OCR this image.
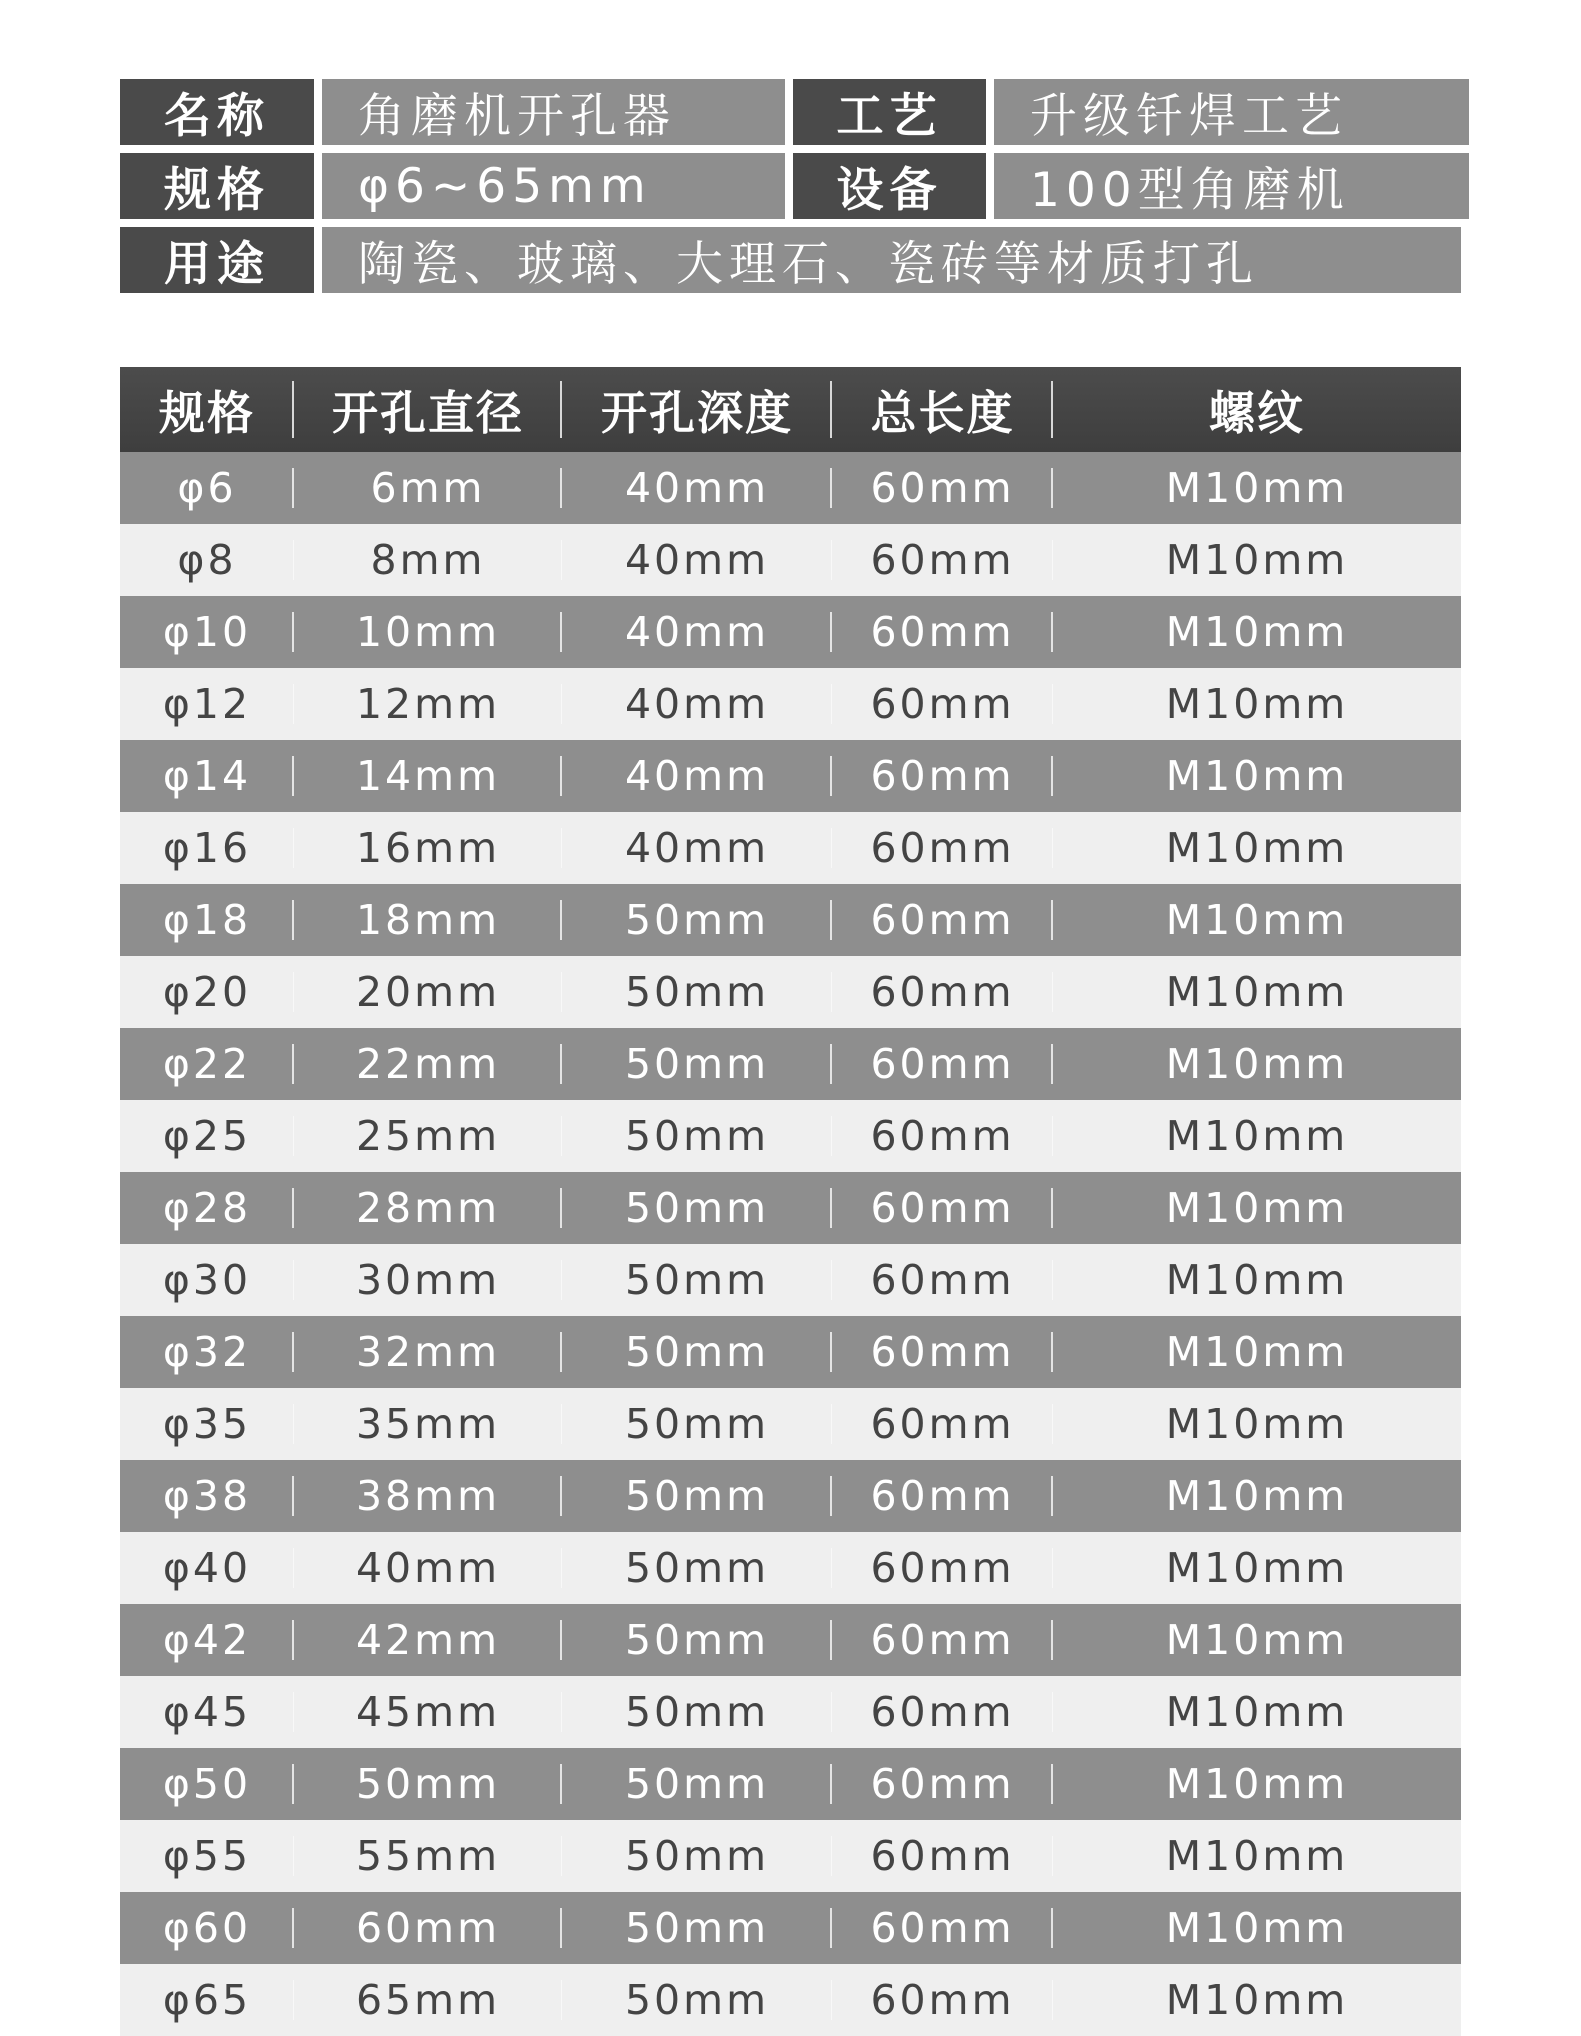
名称	角磨机开孔器	工艺	升级钎焊工艺
规格	φ6~65mm	设备	100型角磨机
用途	陶瓷、玻璃、大理石、瓷砖等材质打孔
规格	开孔直径	开孔深度	总长度	螺纹
φ6	6mm	40mm	60mm	M10mm
φ8	8mm	40mm	60mm	M10mm
φ10	10mm	40mm	60mm	M10mm
φ12	12mm	40mm	60mm	M10mm
φ14	14mm	40mm	60mm	M10mm
φ16	16mm	40mm	60mm	M10mm
φ18	18mm	50mm	60mm	M10mm
φ20	20mm	50mm	60mm	M10mm
φ22	22mm	50mm	60mm	M10mm
φ25	25mm	50mm	60mm	M10mm
φ28	28mm	50mm	60mm	M10mm
φ30	30mm	50mm	60mm	M10mm
φ32	32mm	50mm	60mm	M10mm
φ35	35mm	50mm	60mm	M10mm
φ38	38mm	50mm	60mm	M10mm
φ40	40mm	50mm	60mm	M10mm
φ42	42mm	50mm	60mm	M10mm
φ45	45mm	50mm	60mm	M10mm
φ50	50mm	50mm	60mm	M10mm
φ55	55mm	50mm	60mm	M10mm
φ60	60mm	50mm	60mm	M10mm
φ65	65mm	50mm	60mm	M10mm
